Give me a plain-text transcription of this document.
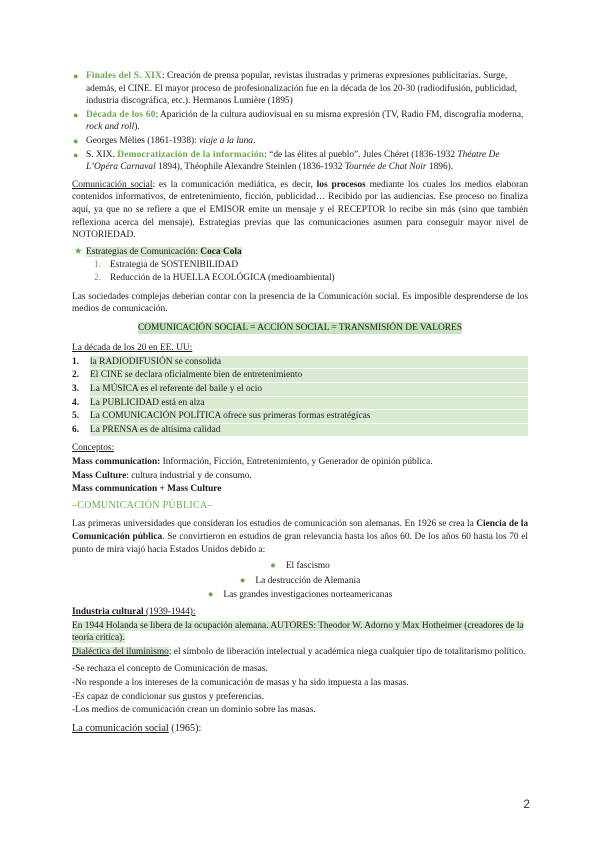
● Finales del S. XIX: Creación de prensa popular, revistas ilustradas y primeras expresiones publicitarias. Surge, además, el CINE. El mayor proceso de profesionalización fue en la década de los 20-30 (radiodifusión, publicidad, industria discográfica, etc.). Hermanos Lumière (1895)
● Década de los 60: Aparición de la cultura audiovisual en su misma expresión (TV, Radio FM, discografía moderna, rock and roll).
● Georges Mèlies (1861-1938): viaje a la luna.
● S. XIX. Democratización de la información: “de las élites al pueblo”. Jules Chéret (1836-1932 Théatre De L’Opéra Carnaval 1894), Théophile Alexandre Steinlen (1836-1932 Tournée de Chat Noir 1896).

Comunicación social: es la comunicación mediática, es decir, los procesos mediante los cuales los medios elaboran contenidos informativos, de entretenimiento, ficción, publicidad… Recibido por las audiencias. Ese proceso no finaliza aquí, ya que no se refiere a que el EMISOR emite un mensaje y el RECEPTOR lo recibe sin más (sino que también reflexiona acerca del mensaje). Estrategias previas que las comunicaciones asumen para conseguir mayor nivel de NOTORIEDAD.

★ Estrategias de Comunicación: Coca Cola
1. Estrategia de SOSTENIBILIDAD
2. Reducción de la HUELLA ECOLÓGICA (medioambiental)

Las sociedades complejas deberían contar con la presencia de la Comunicación social. Es imposible desprenderse de los medios de comunicación.

COMUNICACIÓN SOCIAL = ACCIÓN SOCIAL = TRANSMISIÓN DE VALORES
La década de los 20 en EE. UU:
1. la RADIODIFUSIÓN se consolida
2. El CINE se declara oficialmente bien de entretenimiento
3. La MÚSICA es el referente del baile y el ocio
4. La PUBLICIDAD está en alza
5. La COMUNICACIÓN POLÍTICA ofrece sus primeras formas estratégicas
6. La PRENSA es de altísima calidad
Conceptos:
Mass communication: Información, Ficción, Entretenimiento, y Generador de opinión pública.
Mass Culture: cultura industrial y de consumo.
Mass communication + Mass Culture
–COMUNICACIÓN PÚBLICA–

Las primeras universidades que consideran los estudios de comunicación son alemanas. En 1926 se crea la Ciencia de la Comunicación pública. Se convirtieron en estudios de gran relevancia hasta los años 60. De los años 60 hasta los 70 el punto de mira viajó hacia Estados Unidos debido a:

● El fascismo
● La destrucción de Alemania
● Las grandes investigaciones norteamericanas
Industria cultural (1939-1944):
En 1944 Holanda se libera de la ocupación alemana. AUTORES: Theodor W. Adorno y Max Hotheimer (creadores de la teoría crítica).
Dialéctica del iluminismo; el símbolo de liberación intelectual y académica niega cualquier tipo de totalitarismo político.
-Se rechaza el concepto de Comunicación de masas.
-No responde a los intereses de la comunicación de masas y ha sido impuesta a las masas.
-Es capaz de condicionar sus gustos y preferencias.
-Los medios de comunicación crean un dominio sobre las masas.
La comunicación social (1965):
2
